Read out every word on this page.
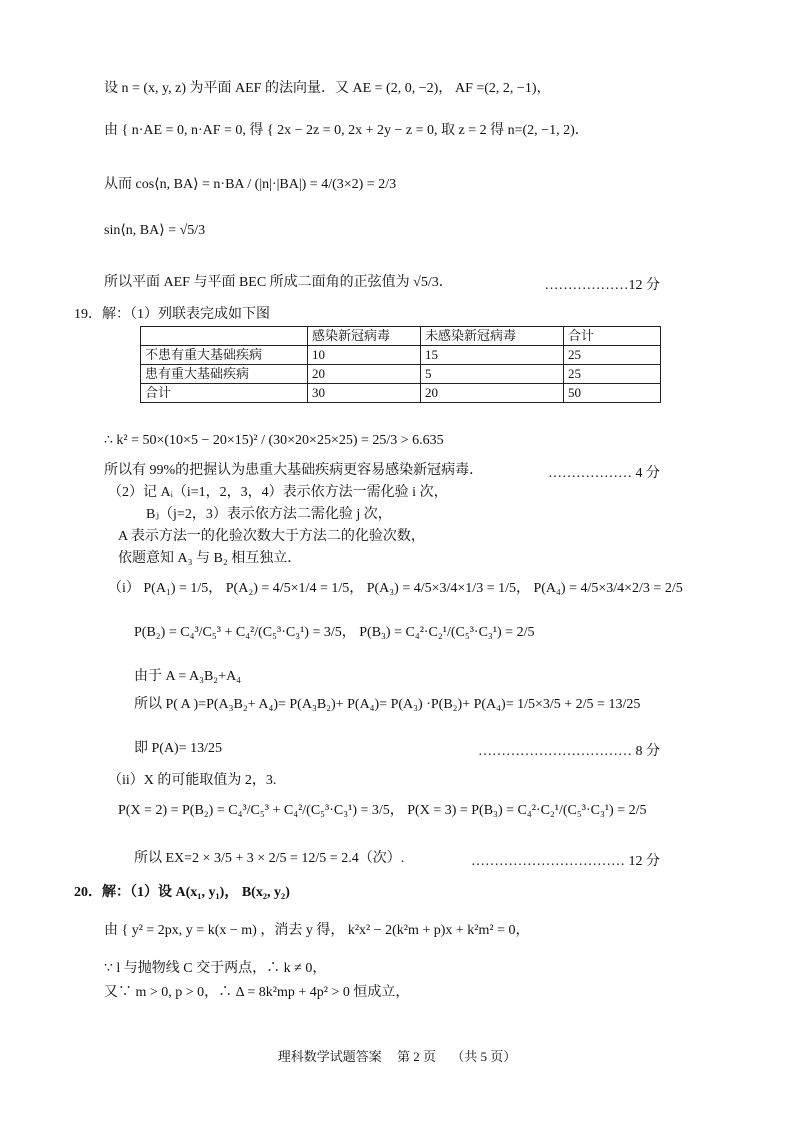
设 n = (x, y, z) 为平面 AEF 的法向量．又 AE = (2, 0, −2)， AF =(2, 2, −1)，
由 { n·AE = 0, n·AF = 0, 得 { 2x − 2z = 0, 2x + 2y − z = 0, 取 z = 2 得 n=(2, −1, 2)．
从而 cos⟨n, BA⟩ = n·BA / (|n|·|BA|) = 4/(3×2) = 2/3
sin⟨n, BA⟩ = √5/3
所以平面 AEF 与平面 BEC 所成二面角的正弦值为 √5/3．	………………12 分
19．解：（1）列联表完成如下图
	感染新冠病毒	未感染新冠病毒	合计
不患有重大基础疾病	10	15	25
患有重大基础疾病	20	5	25
合计	30	20	50
∴ k² = 50×(10×5 − 20×15)² / (30×20×25×25) = 25/3 > 6.635
所以有 99%的把握认为患重大基础疾病更容易感染新冠病毒．	……………… 4 分
（2）记 Aᵢ（i=1，2，3，4）表示依方法一需化验 i 次，
Bⱼ（j=2，3）表示依方法二需化验 j 次，
A 表示方法一的化验次数大于方法二的化验次数，
依题意知 A₃ 与 B₂ 相互独立．
（i） P(A₁) = 1/5， P(A₂) = 4/5×1/4 = 1/5， P(A₃) = 4/5×3/4×1/3 = 1/5， P(A₄) = 4/5×3/4×2/3 = 2/5
P(B₂) = C₄³/C₅³ + C₄²/(C₅³·C₃¹) = 3/5， P(B₃) = C₄²·C₂¹/(C₅³·C₃¹) = 2/5
由于 A = A₃B₂+A₄
所以 P( A )=P(A₃B₂+ A₄)= P(A₃B₂)+ P(A₄)= P(A₃) ·P(B₂)+ P(A₄)= 1/5×3/5 + 2/5 = 13/25
即 P(A)= 13/25	…………………………… 8 分
（ii）X 的可能取值为 2，3.
P(X = 2) = P(B₂) = C₄³/C₅³ + C₄²/(C₅³·C₃¹) = 3/5， P(X = 3) = P(B₃) = C₄²·C₂¹/(C₅³·C₃¹) = 2/5
所以 EX=2 × 3/5 + 3 × 2/5 = 12/5 = 2.4（次）.	…………………………… 12 分
20．解：（1）设 A(x₁, y₁)， B(x₂, y₂)
由 { y² = 2px, y = k(x − m) ，消去 y 得， k²x² − 2(k²m + p)x + k²m² = 0，
∵ l 与抛物线 C 交于两点，∴ k ≠ 0，
又∵ m > 0, p > 0，∴ Δ = 8k²mp + 4p² > 0 恒成立，
理科数学试题答案 第 2 页 （共 5 页）
